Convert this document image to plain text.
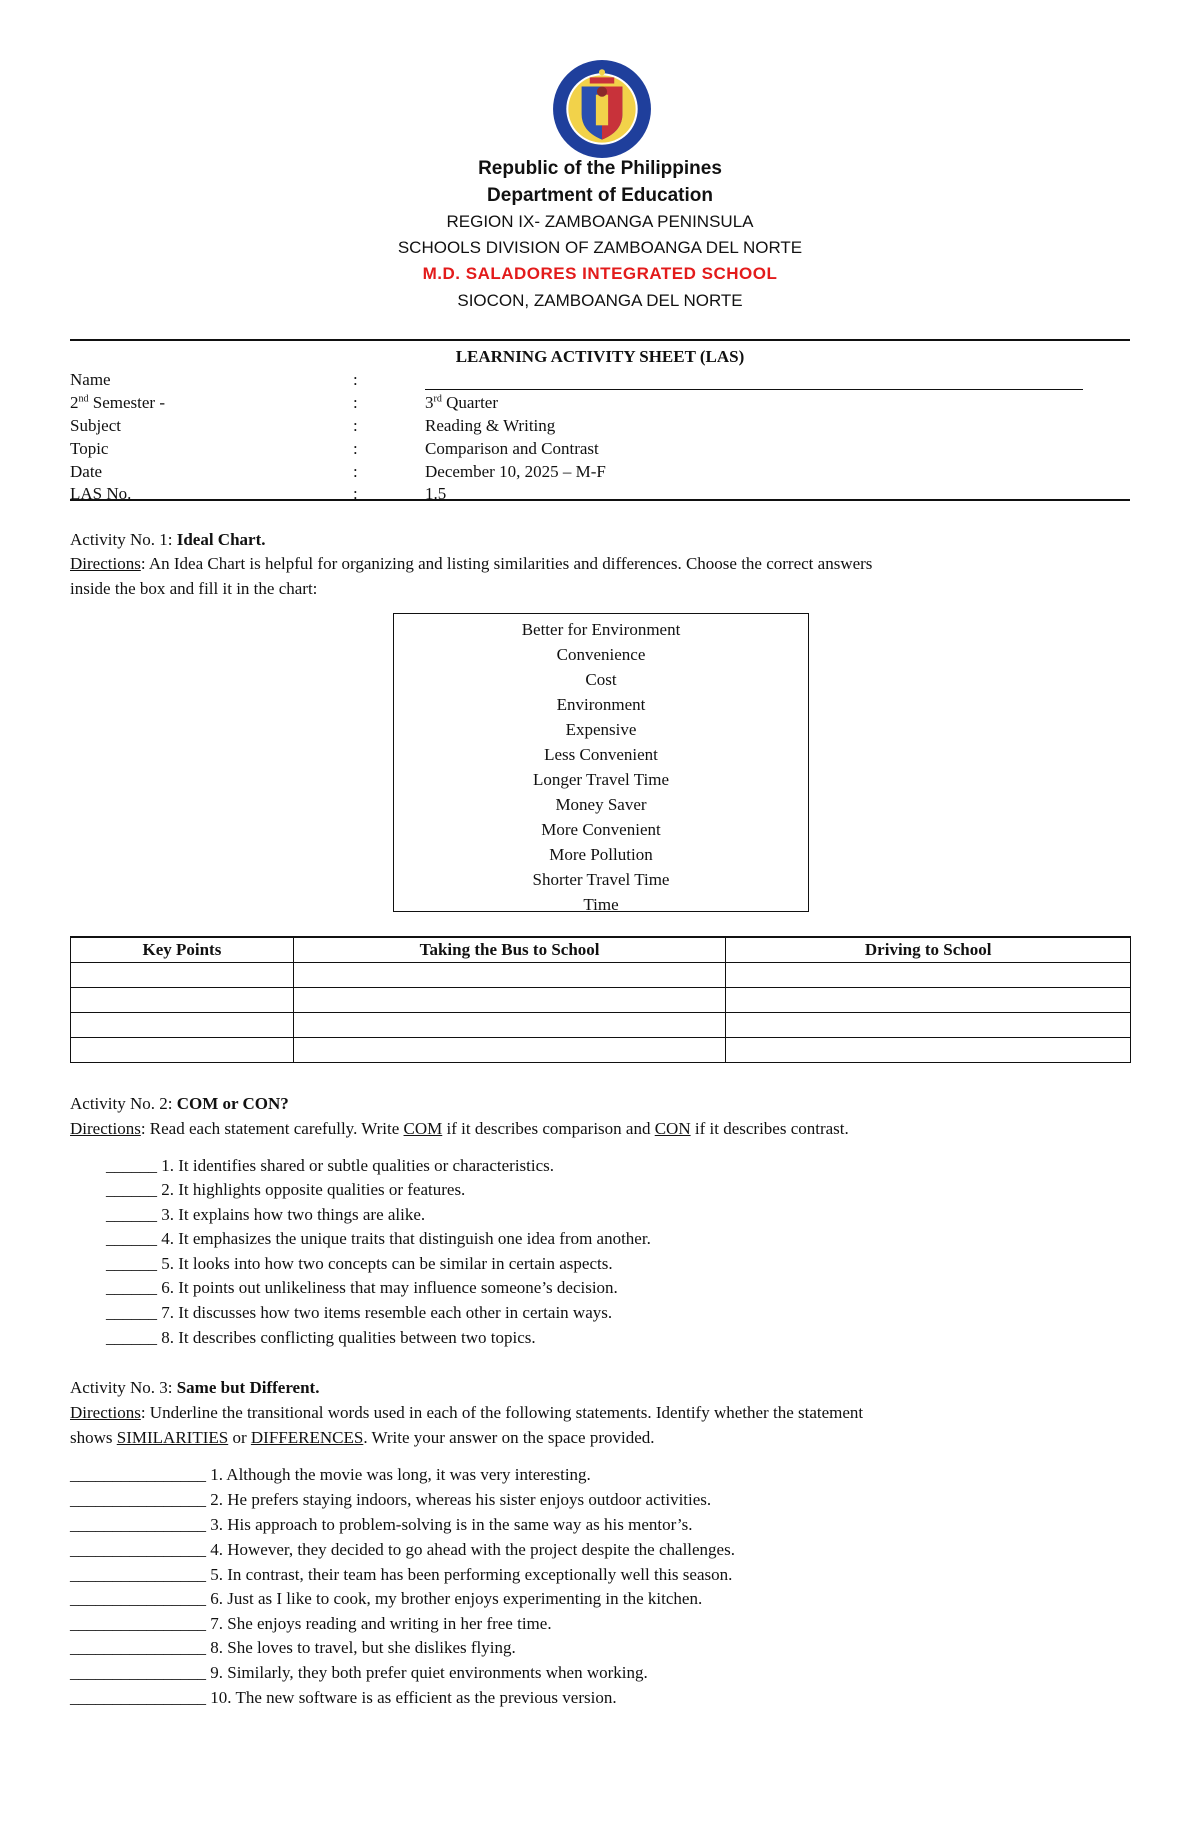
Republic of the Philippines
Department of Education
REGION IX- ZAMBOANGA PENINSULA
SCHOOLS DIVISION OF ZAMBOANGA DEL NORTE
M.D. SALADORES INTEGRATED SCHOOL
SIOCON, ZAMBOANGA DEL NORTE
LEARNING ACTIVITY SHEET (LAS)
Name	:
2nd Semester -	:	3rd Quarter
Subject	:	Reading & Writing
Topic	:	Comparison and Contrast
Date	:	December 10, 2025 – M-F
LAS No.	:	1.5
Activity No. 1: Ideal Chart.
Directions: An Idea Chart is helpful for organizing and listing similarities and differences. Choose the correct answers
inside the box and fill it in the chart:
Better for Environment
Convenience
Cost
Environment
Expensive
Less Convenient
Longer Travel Time
Money Saver
More Convenient
More Pollution
Shorter Travel Time
Time
Key Points	Taking the Bus to School	Driving to School

Activity No. 2: COM or CON?
Directions: Read each statement carefully. Write COM if it describes comparison and CON if it describes contrast.
______ 1. It identifies shared or subtle qualities or characteristics.
______ 2. It highlights opposite qualities or features.
______ 3. It explains how two things are alike.
______ 4. It emphasizes the unique traits that distinguish one idea from another.
______ 5. It looks into how two concepts can be similar in certain aspects.
______ 6. It points out unlikeliness that may influence someone’s decision.
______ 7. It discusses how two items resemble each other in certain ways.
______ 8. It describes conflicting qualities between two topics.
Activity No. 3: Same but Different.
Directions: Underline the transitional words used in each of the following statements. Identify whether the statement
shows SIMILARITIES or DIFFERENCES. Write your answer on the space provided.
________________ 1. Although the movie was long, it was very interesting.
________________ 2. He prefers staying indoors, whereas his sister enjoys outdoor activities.
________________ 3. His approach to problem-solving is in the same way as his mentor’s.
________________ 4. However, they decided to go ahead with the project despite the challenges.
________________ 5. In contrast, their team has been performing exceptionally well this season.
________________ 6. Just as I like to cook, my brother enjoys experimenting in the kitchen.
________________ 7. She enjoys reading and writing in her free time.
________________ 8. She loves to travel, but she dislikes flying.
________________ 9. Similarly, they both prefer quiet environments when working.
________________ 10. The new software is as efficient as the previous version.
